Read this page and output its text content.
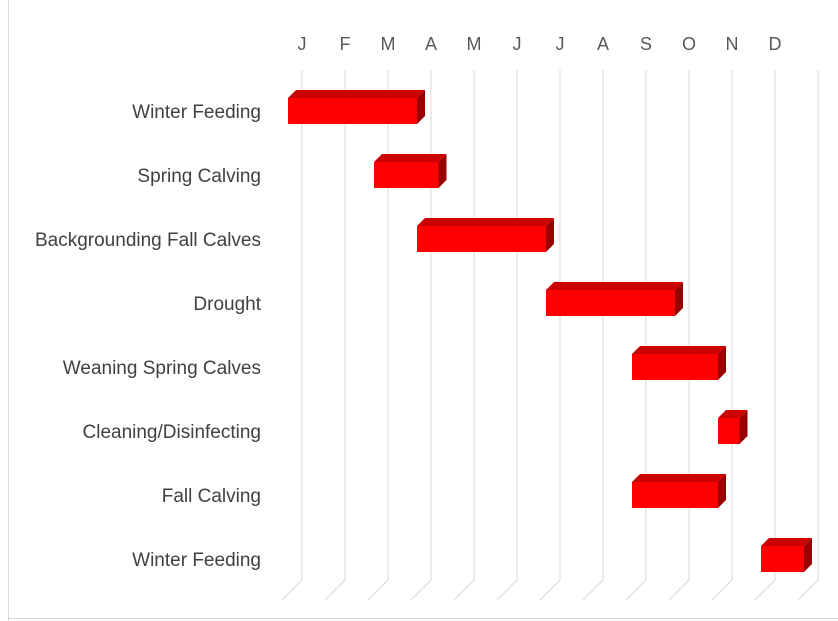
J F M A M J J A S O N D
Winter Feeding
Spring Calving
Backgrounding Fall Calves
Drought
Weaning Spring Calves
Cleaning/Disinfecting
Fall Calving
Winter Feeding
